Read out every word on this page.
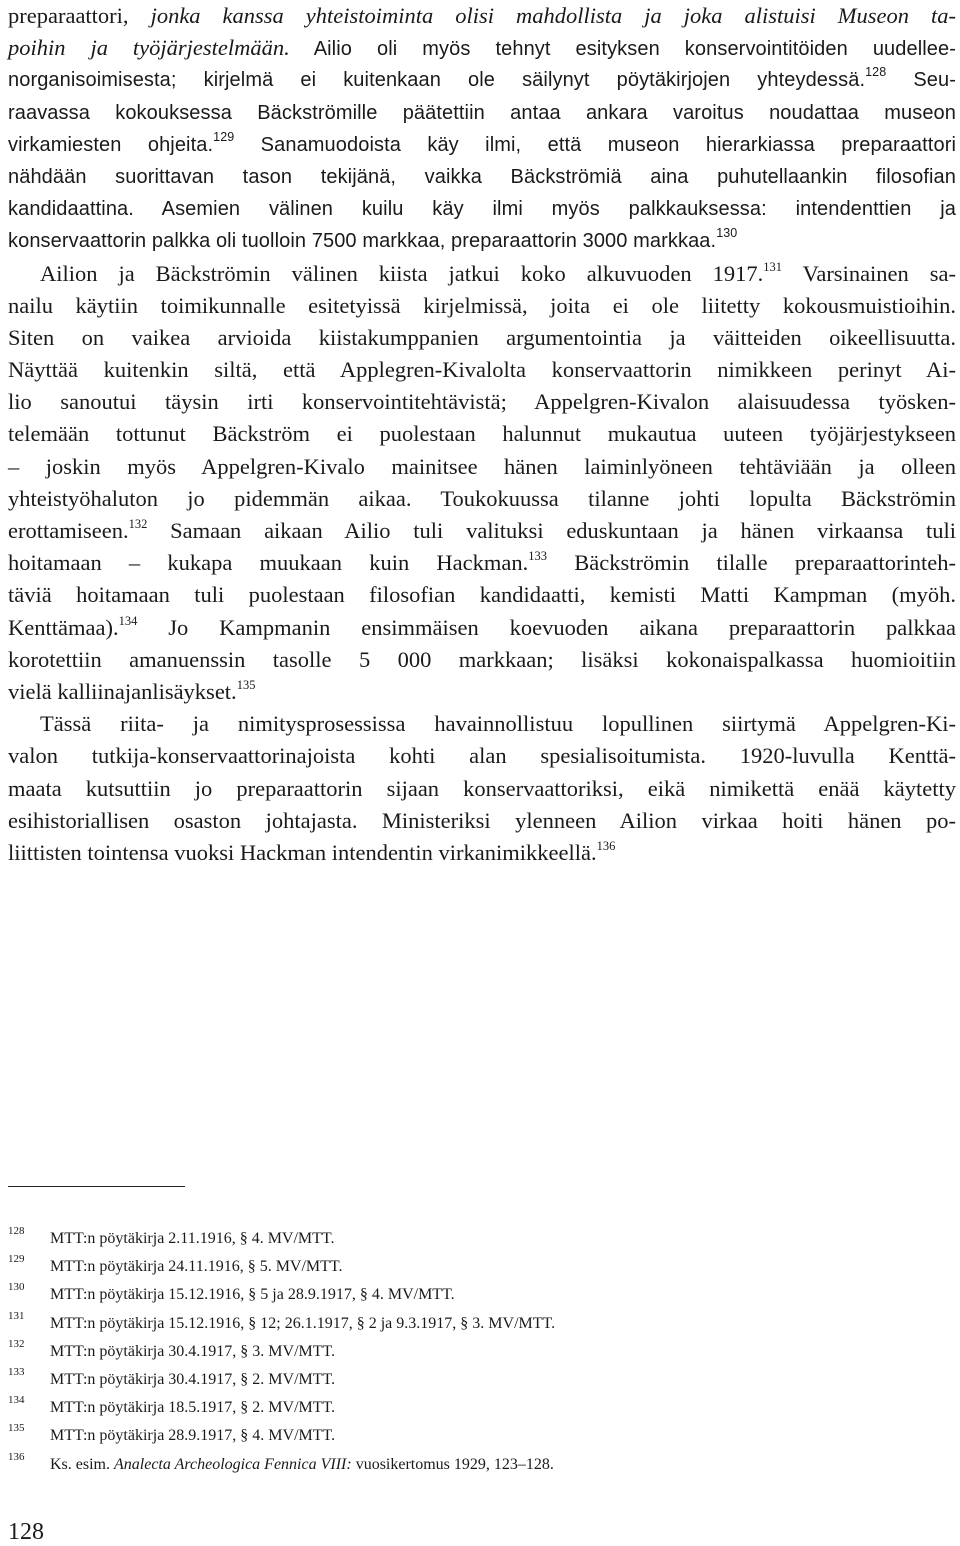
preparaattori, jonka kanssa yhteistoiminta olisi mahdollista ja joka alistuisi Museon ta-
poihin ja työjärjestelmään. Ailio oli myös tehnyt esityksen konservointitöiden uudellee-
norganisoimisesta; kirjelmä ei kuitenkaan ole säilynyt pöytäkirjojen yhteydessä.$^{128}$ Seu-
raavassa kokouksessa Bäckströmille päätettiin antaa ankara varoitus noudattaa museon
virkamiesten ohjeita.$^{129}$ Sanamuodoista käy ilmi, että museon hierarkiassa preparaattori
nähdään suorittavan tason tekijänä, vaikka Bäckströmiä aina puhutellaankin filosofian
kandidaattina. Asemien välinen kuilu käy ilmi myös palkkauksessa: intendenttien ja
konservaattorin palkka oli tuolloin 7500 markkaa, preparaattorin 3000 markkaa.$^{130}$
Ailion ja Bäckströmin välinen kiista jatkui koko alkuvuoden 1917.$^{131}$ Varsinainen sa-
nailu käytiin toimikunnalle esitetyissä kirjelmissä, joita ei ole liitetty kokousmuistioihin.
Siten on vaikea arvioida kiistakumppanien argumentointia ja väitteiden oikeellisuutta.
Näyttää kuitenkin siltä, että Applegren-Kivalolta konservaattorin nimikkeen perinyt Ai-
lio sanoutui täysin irti konservointitehtävistä; Appelgren-Kivalon alaisuudessa työsken-
telemään tottunut Bäckström ei puolestaan halunnut mukautua uuteen työjärjestykseen
– joskin myös Appelgren-Kivalo mainitsee hänen laiminlyöneen tehtäviään ja olleen
yhteistyöhaluton jo pidemmän aikaa. Toukokuussa tilanne johti lopulta Bäckströmin
erottamiseen.$^{132}$ Samaan aikaan Ailio tuli valituksi eduskuntaan ja hänen virkaansa tuli
hoitamaan – kukapa muukaan kuin Hackman.$^{133}$ Bäckströmin tilalle preparaattorinteh-
täviä hoitamaan tuli puolestaan filosofian kandidaatti, kemisti Matti Kampman (myöh.
Kenttämaa).$^{134}$ Jo Kampmanin ensimmäisen koevuoden aikana preparaattorin palkkaa
korotettiin amanuenssin tasolle 5 000 markkaan; lisäksi kokonaispalkassa huomioitiin
vielä kalliinajanlisäykset.$^{135}$
Tässä riita- ja nimitysprosessissa havainnollistuu lopullinen siirtymä Appelgren-Ki-
valon tutkija-konservaattorinajoista kohti alan spesialisoitumista. 1920-luvulla Kenttä-
maata kutsuttiin jo preparaattorin sijaan konservaattoriksi, eikä nimikettä enää käytetty
esihistoriallisen osaston johtajasta. Ministeriksi ylenneen Ailion virkaa hoiti hänen po-
liittisten tointensa vuoksi Hackman intendentin virkanimikkeellä.$^{136}$
128 MTT:n pöytäkirja 2.11.1916, § 4. MV/MTT.
129 MTT:n pöytäkirja 24.11.1916, § 5. MV/MTT.
130 MTT:n pöytäkirja 15.12.1916, § 5 ja 28.9.1917, § 4. MV/MTT.
131 MTT:n pöytäkirja 15.12.1916, § 12; 26.1.1917, § 2 ja 9.3.1917, § 3. MV/MTT.
132 MTT:n pöytäkirja 30.4.1917, § 3. MV/MTT.
133 MTT:n pöytäkirja 30.4.1917, § 2. MV/MTT.
134 MTT:n pöytäkirja 18.5.1917, § 2. MV/MTT.
135 MTT:n pöytäkirja 28.9.1917, § 4. MV/MTT.
136 Ks. esim. Analecta Archeologica Fennica VIII: vuosikertomus 1929, 123–128.
128
